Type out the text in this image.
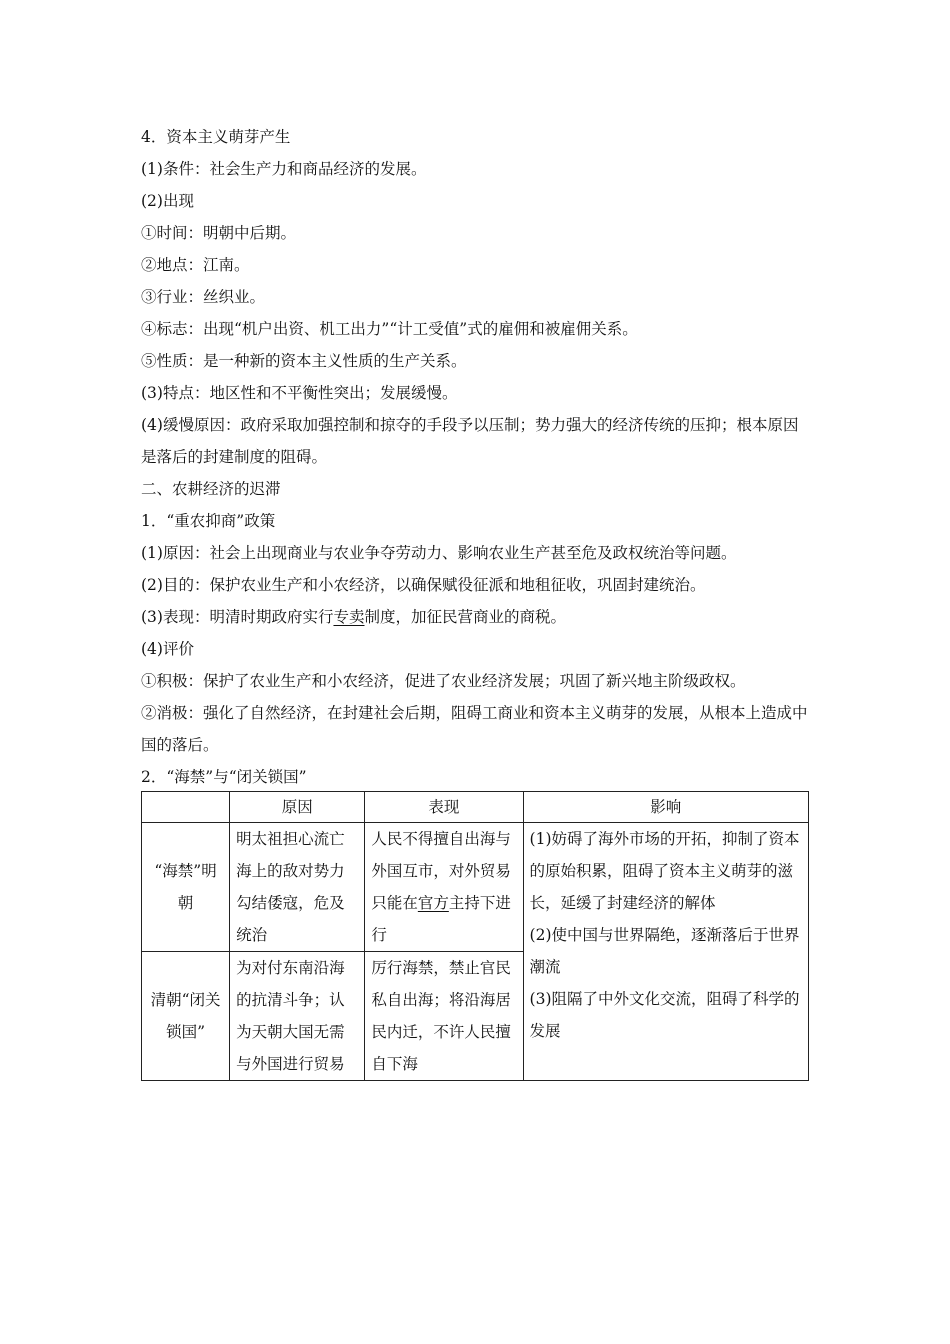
4．资本主义萌芽产生
(1)条件：社会生产力和商品经济的发展。
(2)出现
①时间：明朝中后期。
②地点：江南。
③行业：丝织业。
④标志：出现“机户出资、机工出力”“计工受值”式的雇佣和被雇佣关系。
⑤性质：是一种新的资本主义性质的生产关系。
(3)特点：地区性和不平衡性突出；发展缓慢。
(4)缓慢原因：政府采取加强控制和掠夺的手段予以压制；势力强大的经济传统的压抑；根本原因是落后的封建制度的阻碍。
二、农耕经济的迟滞
1．“重农抑商”政策
(1)原因：社会上出现商业与农业争夺劳动力、影响农业生产甚至危及政权统治等问题。
(2)目的：保护农业生产和小农经济，以确保赋役征派和地租征收，巩固封建统治。
(3)表现：明清时期政府实行专卖制度，加征民营商业的商税。
(4)评价
①积极：保护了农业生产和小农经济，促进了农业经济发展；巩固了新兴地主阶级政权。
②消极：强化了自然经济，在封建社会后期，阻碍工商业和资本主义萌芽的发展，从根本上造成中国的落后。
2．“海禁”与“闭关锁国”
	原因	表现	影响
“海禁”明朝	明太祖担心流亡海上的敌对势力勾结倭寇，危及统治	人民不得擅自出海与外国互市，对外贸易只能在官方主持下进行	(1)妨碍了海外市场的开拓，抑制了资本的原始积累，阻碍了资本主义萌芽的滋长，延缓了封建经济的解体
(2)使中国与世界隔绝，逐渐落后于世界潮流
(3)阻隔了中外文化交流，阻碍了科学的发展

清朝“闭关锁国”	为对付东南沿海的抗清斗争；认为天朝大国无需与外国进行贸易	厉行海禁，禁止官民私自出海；将沿海居民内迁，不许人民擅自下海	
